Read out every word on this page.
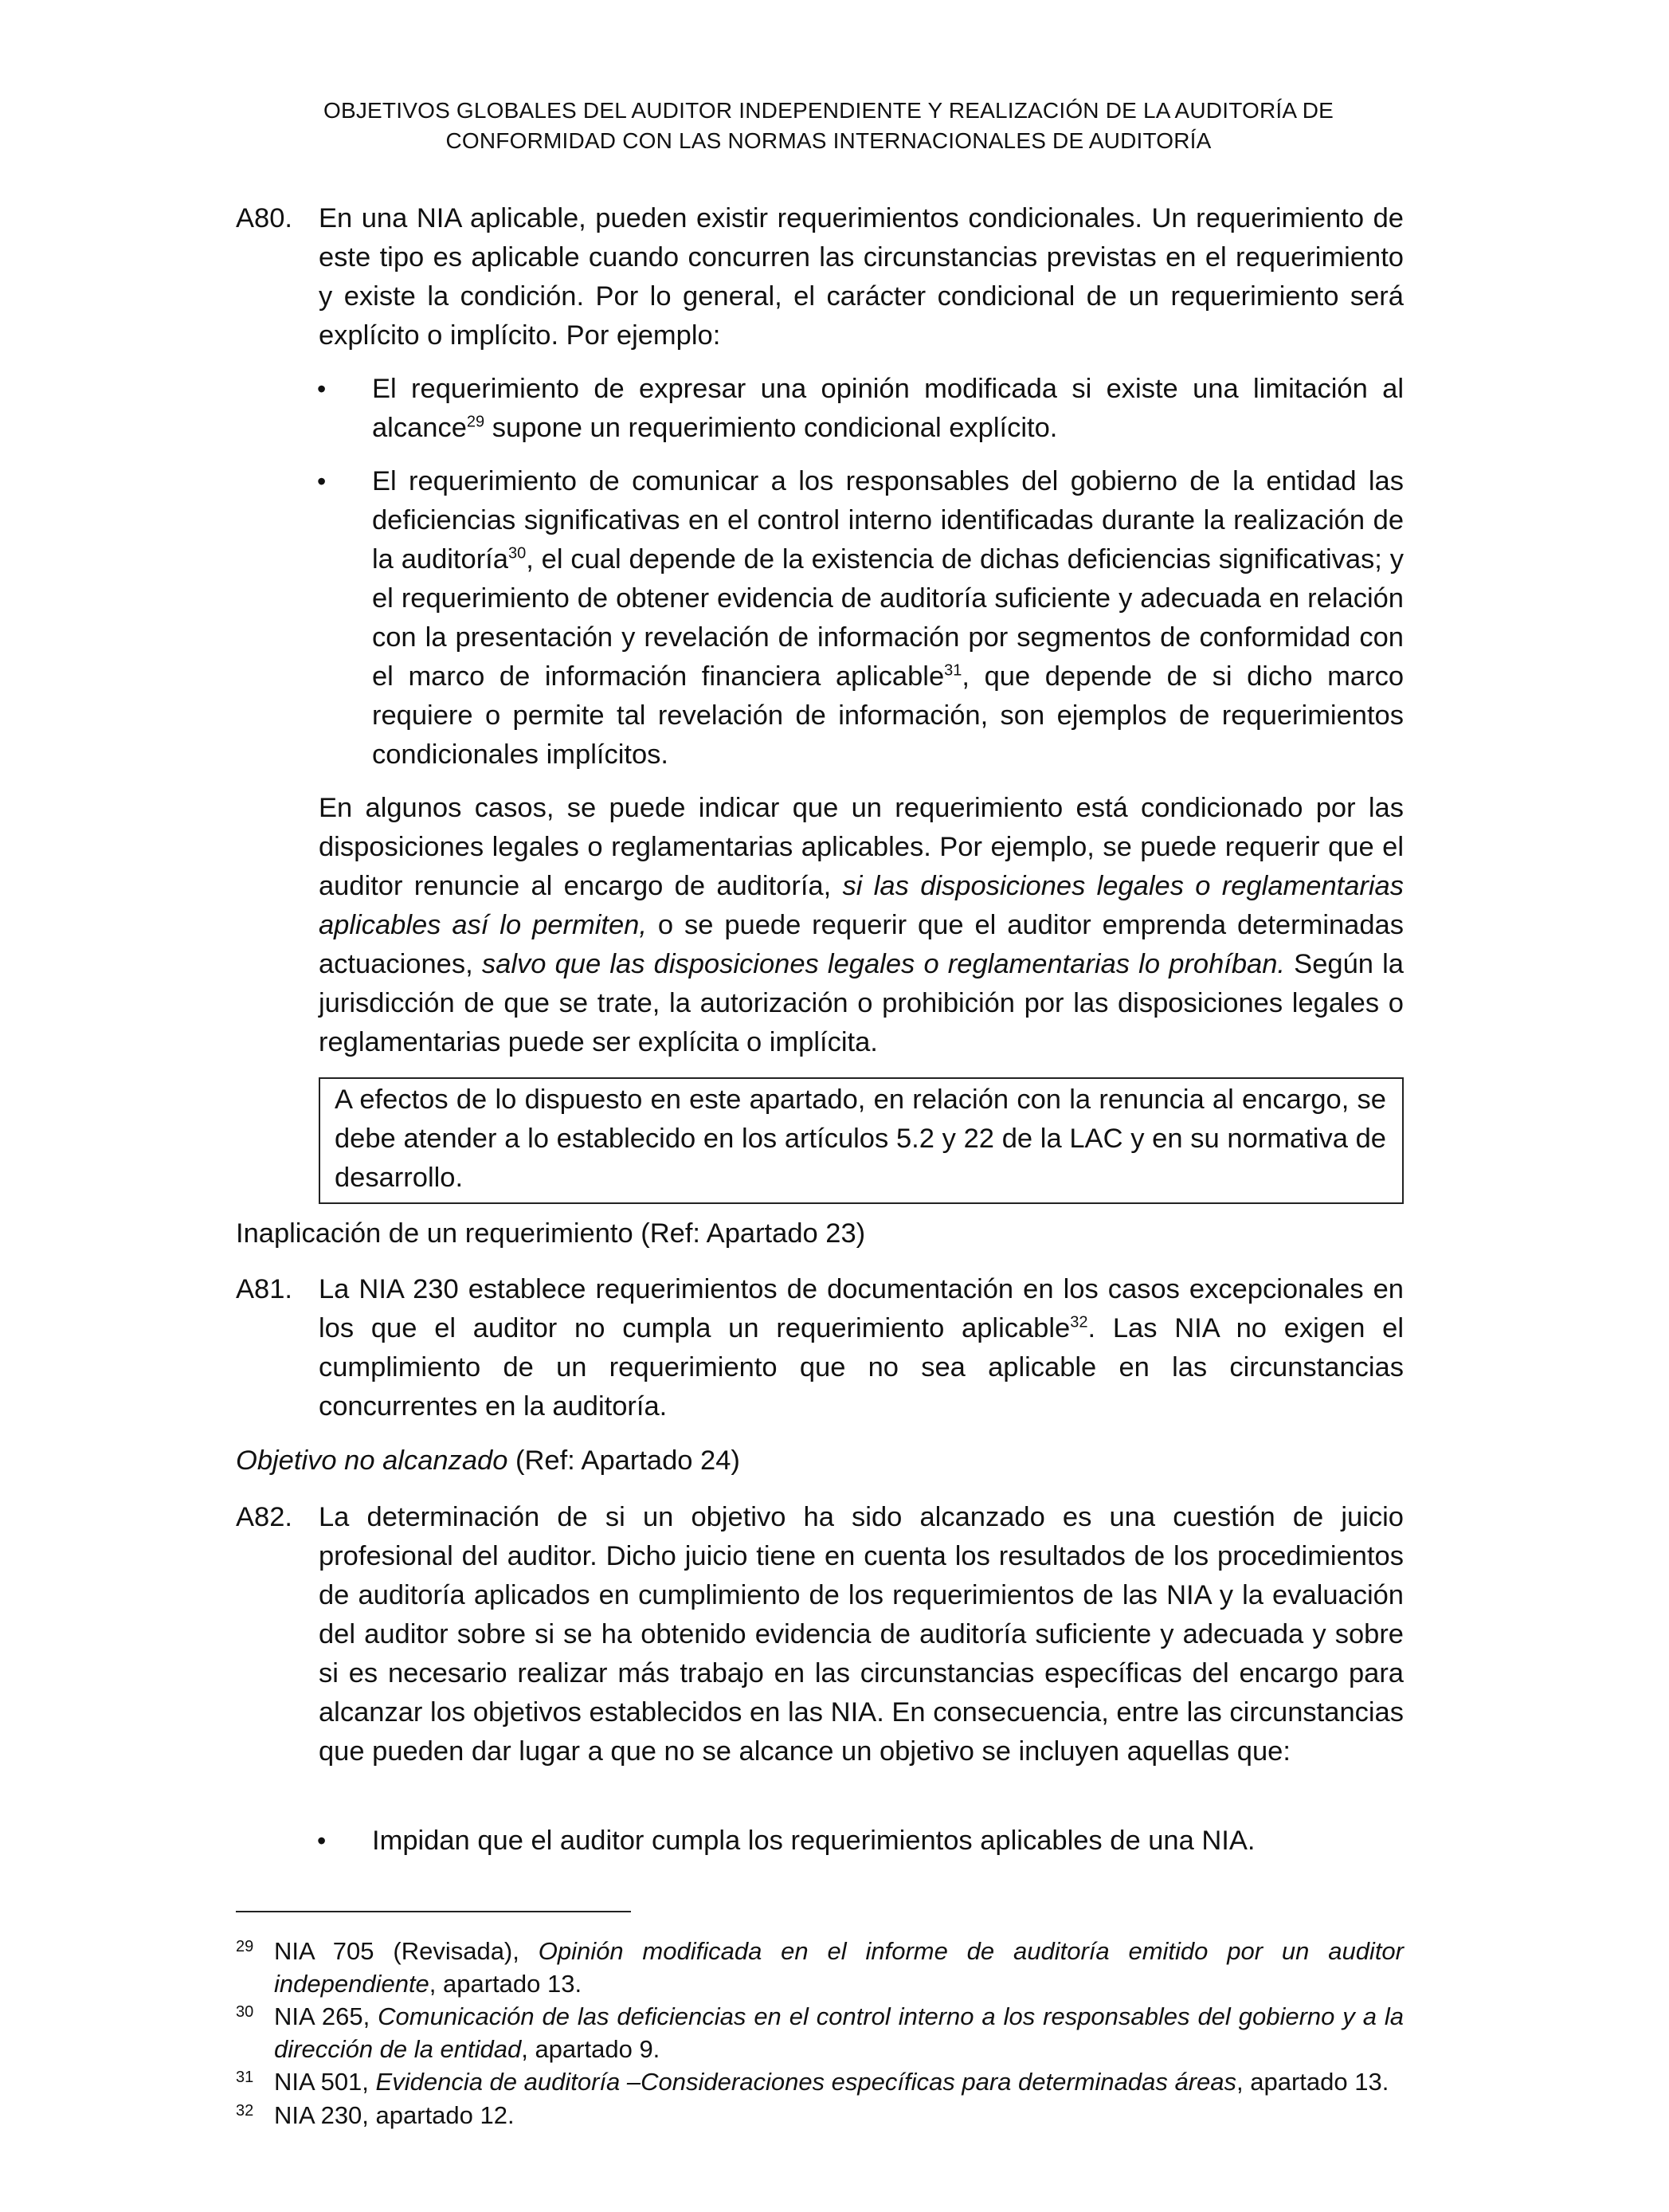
OBJETIVOS GLOBALES DEL AUDITOR INDEPENDIENTE Y REALIZACIÓN DE LA AUDITORÍA DE
CONFORMIDAD CON LAS NORMAS INTERNACIONALES DE AUDITORÍA
A80. En una NIA aplicable, pueden existir requerimientos condicionales. Un requerimiento de este tipo es aplicable cuando concurren las circunstancias previstas en el requerimiento y existe la condición. Por lo general, el carácter condicional de un requerimiento será explícito o implícito. Por ejemplo:
• El requerimiento de expresar una opinión modificada si existe una limitación al alcance$^{29}$ supone un requerimiento condicional explícito.
• El requerimiento de comunicar a los responsables del gobierno de la entidad las deficiencias significativas en el control interno identificadas durante la realización de la auditoría$^{30}$, el cual depende de la existencia de dichas deficiencias significativas; y el requerimiento de obtener evidencia de auditoría suficiente y adecuada en relación con la presentación y revelación de información por segmentos de conformidad con el marco de información financiera aplicable$^{31}$, que depende de si dicho marco requiere o permite tal revelación de información, son ejemplos de requerimientos condicionales implícitos.
En algunos casos, se puede indicar que un requerimiento está condicionado por las disposiciones legales o reglamentarias aplicables. Por ejemplo, se puede requerir que el auditor renuncie al encargo de auditoría, si las disposiciones legales o reglamentarias aplicables así lo permiten, o se puede requerir que el auditor emprenda determinadas actuaciones, salvo que las disposiciones legales o reglamentarias lo prohíban. Según la jurisdicción de que se trate, la autorización o prohibición por las disposiciones legales o reglamentarias puede ser explícita o implícita.
A efectos de lo dispuesto en este apartado, en relación con la renuncia al encargo, se debe atender a lo establecido en los artículos 5.2 y 22 de la LAC y en su normativa de desarrollo.
Inaplicación de un requerimiento (Ref: Apartado 23)
A81. La NIA 230 establece requerimientos de documentación en los casos excepcionales en los que el auditor no cumpla un requerimiento aplicable$^{32}$. Las NIA no exigen el cumplimiento de un requerimiento que no sea aplicable en las circunstancias concurrentes en la auditoría.
Objetivo no alcanzado (Ref: Apartado 24)
A82. La determinación de si un objetivo ha sido alcanzado es una cuestión de juicio profesional del auditor. Dicho juicio tiene en cuenta los resultados de los procedimientos de auditoría aplicados en cumplimiento de los requerimientos de las NIA y la evaluación del auditor sobre si se ha obtenido evidencia de auditoría suficiente y adecuada y sobre si es necesario realizar más trabajo en las circunstancias específicas del encargo para alcanzar los objetivos establecidos en las NIA. En consecuencia, entre las circunstancias que pueden dar lugar a que no se alcance un objetivo se incluyen aquellas que:
• Impidan que el auditor cumpla los requerimientos aplicables de una NIA.
29 NIA 705 (Revisada), Opinión modificada en el informe de auditoría emitido por un auditor independiente, apartado 13.
30 NIA 265, Comunicación de las deficiencias en el control interno a los responsables del gobierno y a la dirección de la entidad, apartado 9.
31 NIA 501, Evidencia de auditoría –Consideraciones específicas para determinadas áreas, apartado 13.
32 NIA 230, apartado 12.
